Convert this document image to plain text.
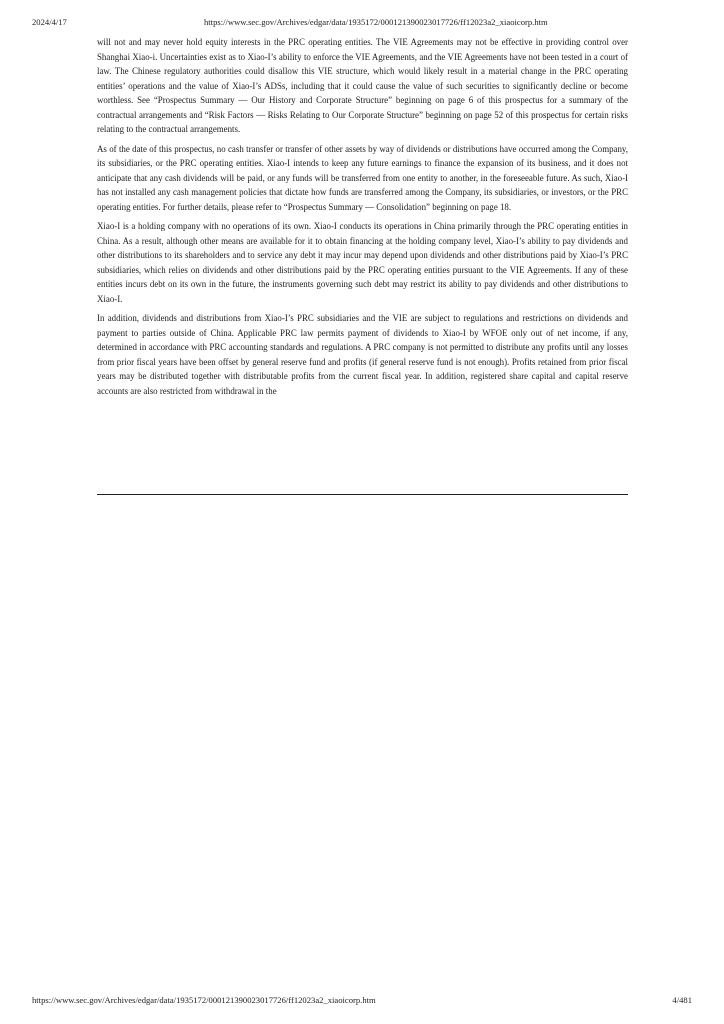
2024/4/17	https://www.sec.gov/Archives/edgar/data/1935172/000121390023017726/ff12023a2_xiaoicorp.htm

will not and may never hold equity interests in the PRC operating entities. The VIE Agreements may not be effective in providing control over Shanghai Xiao-i. Uncertainties exist as to Xiao-I’s ability to enforce the VIE Agreements, and the VIE Agreements have not been tested in a court of law. The Chinese regulatory authorities could disallow this VIE structure, which would likely result in a material change in the PRC operating entities’ operations and the value of Xiao-I’s ADSs, including that it could cause the value of such securities to significantly decline or become worthless. See “Prospectus Summary — Our History and Corporate Structure” beginning on page 6 of this prospectus for a summary of the contractual arrangements and “Risk Factors — Risks Relating to Our Corporate Structure” beginning on page 52 of this prospectus for certain risks relating to the contractual arrangements.

As of the date of this prospectus, no cash transfer or transfer of other assets by way of dividends or distributions have occurred among the Company, its subsidiaries, or the PRC operating entities. Xiao-I intends to keep any future earnings to finance the expansion of its business, and it does not anticipate that any cash dividends will be paid, or any funds will be transferred from one entity to another, in the foreseeable future. As such, Xiao-I has not installed any cash management policies that dictate how funds are transferred among the Company, its subsidiaries, or investors, or the PRC operating entities. For further details, please refer to “Prospectus Summary — Consolidation” beginning on page 18.

Xiao-I is a holding company with no operations of its own. Xiao-I conducts its operations in China primarily through the PRC operating entities in China. As a result, although other means are available for it to obtain financing at the holding company level, Xiao-I’s ability to pay dividends and other distributions to its shareholders and to service any debt it may incur may depend upon dividends and other distributions paid by Xiao-I’s PRC subsidiaries, which relies on dividends and other distributions paid by the PRC operating entities pursuant to the VIE Agreements. If any of these entities incurs debt on its own in the future, the instruments governing such debt may restrict its ability to pay dividends and other distributions to Xiao-I.

In addition, dividends and distributions from Xiao-I’s PRC subsidiaries and the VIE are subject to regulations and restrictions on dividends and payment to parties outside of China. Applicable PRC law permits payment of dividends to Xiao-I by WFOE only out of net income, if any, determined in accordance with PRC accounting standards and regulations. A PRC company is not permitted to distribute any profits until any losses from prior fiscal years have been offset by general reserve fund and profits (if general reserve fund is not enough). Profits retained from prior fiscal years may be distributed together with distributable profits from the current fiscal year. In addition, registered share capital and capital reserve accounts are also restricted from withdrawal in the

https://www.sec.gov/Archives/edgar/data/1935172/000121390023017726/ff12023a2_xiaoicorp.htm	4/481
